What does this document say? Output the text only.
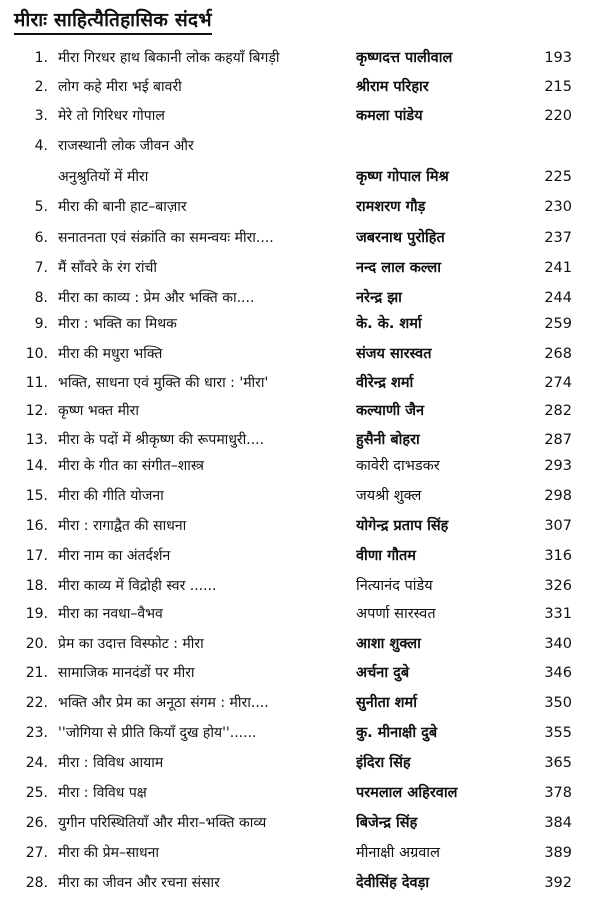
मीराः साहित्यैतिहासिक संदर्भ
1. मीरा गिरधर हाथ बिकानी लोक कहयाँ बिगड़ी	कृष्णदत्त पालीवाल	193
2. लोग कहे मीरा भई बावरी	श्रीराम परिहार	215
3. मेरे तो गिरिधर गोपाल	कमला पांडेय	220
4. राजस्थानी लोक जीवन और
अनुश्रुतियों में मीरा	कृष्ण गोपाल मिश्र	225
5. मीरा की बानी हाट–बाज़ार	रामशरण गौड़	230
6. सनातनता एवं संक्रांति का समन्वयः मीरा....	जबरनाथ पुरोहित	237
7. मैं साँवरे के रंग रांची	नन्द लाल कल्ला	241
8. मीरा का काव्य : प्रेम और भक्ति का....	नरेन्द्र झा	244
9. मीरा : भक्ति का मिथक	के. के. शर्मा	259
10. मीरा की मधुरा भक्ति	संजय सारस्वत	268
11. भक्ति, साधना एवं मुक्ति की धारा : 'मीरा'	वीरेन्द्र शर्मा	274
12. कृष्ण भक्त मीरा	कल्याणी जैन	282
13. मीरा के पदों में श्रीकृष्ण की रूपमाधुरी....	हुसैनी बोहरा	287
14. मीरा के गीत का संगीत–शास्त्र	कावेरी दाभडकर	293
15. मीरा की गीति योजना	जयश्री शुक्ल	298
16. मीरा : रागाद्वैत की साधना	योगेन्द्र प्रताप सिंह	307
17. मीरा नाम का अंतर्दर्शन	वीणा गौतम	316
18. मीरा काव्य में विद्रोही स्वर ......	नित्यानंद पांडेय	326
19. मीरा का नवधा–वैभव	अपर्णा सारस्वत	331
20. प्रेम का उदात्त विस्फोट : मीरा	आशा शुक्ला	340
21. सामाजिक मानदंडों पर मीरा	अर्चना दुबे	346
22. भक्ति और प्रेम का अनूठा संगम : मीरा....	सुनीता शर्मा	350
23. ''जोगिया से प्रीति कियाँ दुख होय''......	कु. मीनाक्षी दुबे	355
24. मीरा : विविध आयाम	इंदिरा सिंह	365
25. मीरा : विविध पक्ष	परमलाल अहिरवाल	378
26. युगीन परिस्थितियाँ और मीरा–भक्ति काव्य	बिजेन्द्र सिंह	384
27. मीरा की प्रेम–साधना	मीनाक्षी अग्रवाल	389
28. मीरा का जीवन और रचना संसार	देवीसिंह देवड़ा	392
